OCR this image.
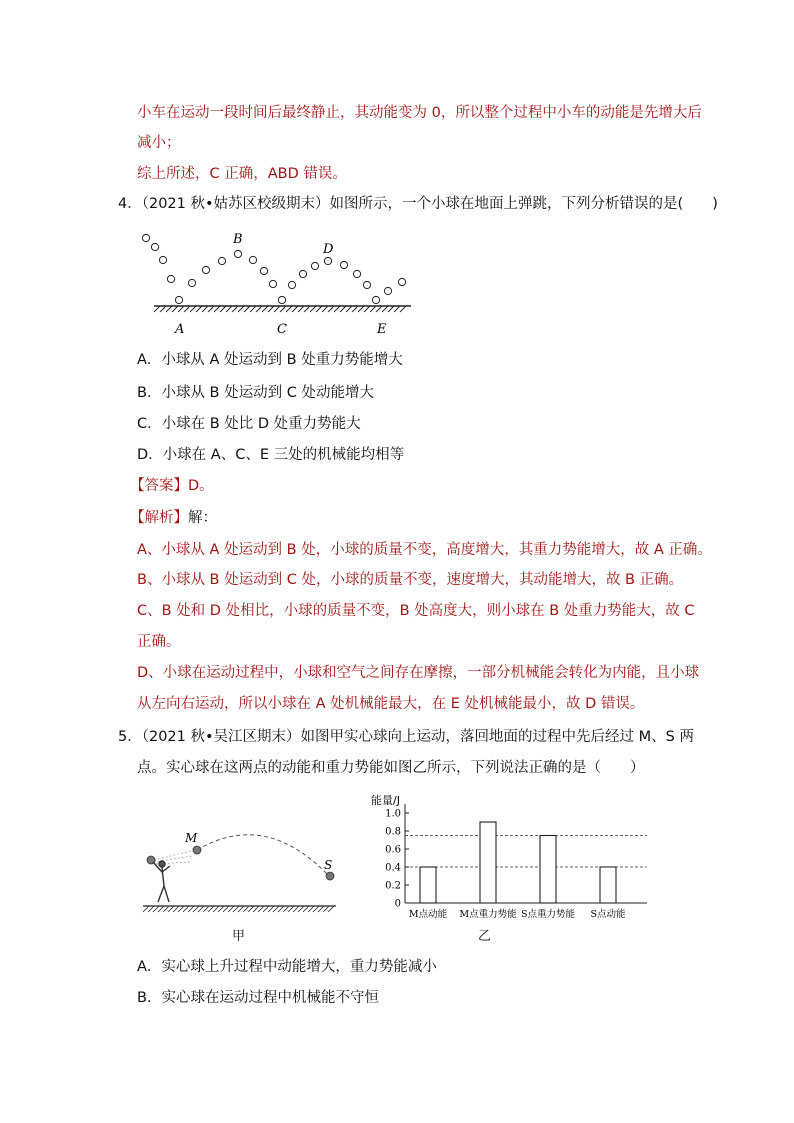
小车在运动一段时间后最终静止，其动能变为 0，所以整个过程中小车的动能是先增大后
减小；
综上所述，C 正确，ABD 错误。
4．（2021 秋•姑苏区校级期末）如图所示，一个小球在地面上弹跳，下列分析错误的是(　　)
B
D
A	C	E
A．小球从 A 处运动到 B 处重力势能增大
B．小球从 B 处运动到 C 处动能增大
C．小球在 B 处比 D 处重力势能大
D．小球在 A、C、E 三处的机械能均相等
【答案】D。
【解析】解：
A、小球从 A 处运动到 B 处，小球的质量不变，高度增大，其重力势能增大，故 A 正确。
B、小球从 B 处运动到 C 处，小球的质量不变，速度增大，其动能增大，故 B 正确。
C、B 处和 D 处相比，小球的质量不变，B 处高度大，则小球在 B 处重力势能大，故 C
正确。
D、小球在运动过程中，小球和空气之间存在摩擦，一部分机械能会转化为内能，且小球
从左向右运动，所以小球在 A 处机械能最大，在 E 处机械能最小，故 D 错误。
5．（2021 秋•吴江区期末）如图甲实心球向上运动，落回地面的过程中先后经过 M、S 两
点。实心球在这两点的动能和重力势能如图乙所示，下列说法正确的是（　　）
M
S
甲
能量/J
0
0.2
0.4
0.6
0.8
1.0
M点动能 M点重力势能 S点重力势能 S点动能
乙
A．实心球上升过程中动能增大，重力势能减小
B．实心球在运动过程中机械能不守恒
